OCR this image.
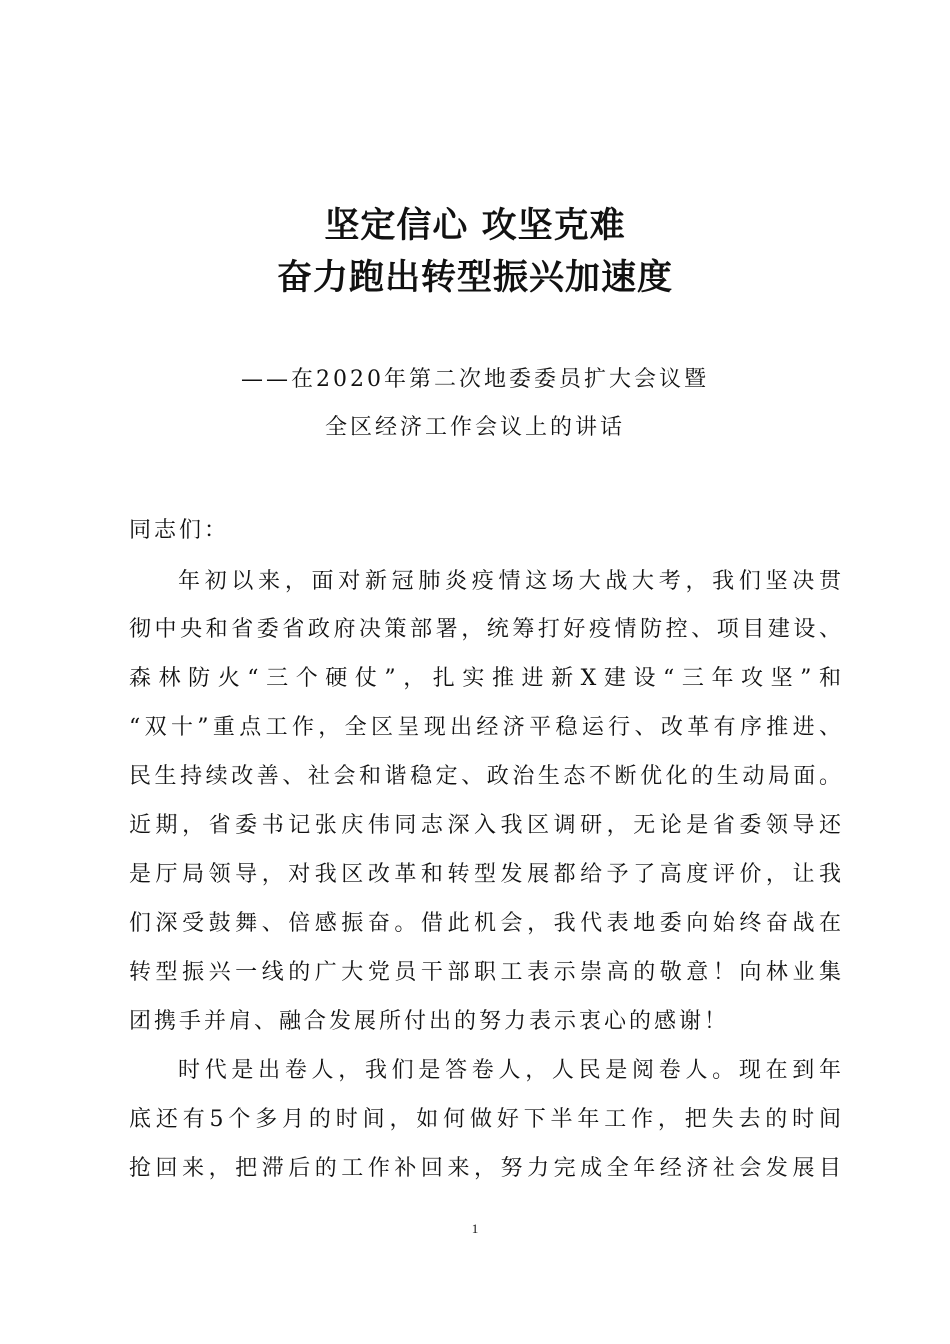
坚定信心 攻坚克难
奋力跑出转型振兴加速度
——在2020年第二次地委委员扩大会议暨
全区经济工作会议上的讲话
同志们：
年初以来，面对新冠肺炎疫情这场大战大考，我们坚决贯
彻中央和省委省政府决策部署，统筹打好疫情防控、项目建设、
森林防火“三个硬仗”，扎实推进新X建设“三年攻坚”和
“双十”重点工作，全区呈现出经济平稳运行、改革有序推进、
民生持续改善、社会和谐稳定、政治生态不断优化的生动局面。
近期，省委书记张庆伟同志深入我区调研，无论是省委领导还
是厅局领导，对我区改革和转型发展都给予了高度评价，让我
们深受鼓舞、倍感振奋。借此机会，我代表地委向始终奋战在
转型振兴一线的广大党员干部职工表示崇高的敬意！向林业集
团携手并肩、融合发展所付出的努力表示衷心的感谢！
时代是出卷人，我们是答卷人，人民是阅卷人。现在到年
底还有5个多月的时间，如何做好下半年工作，把失去的时间
抢回来，把滞后的工作补回来，努力完成全年经济社会发展目
1
